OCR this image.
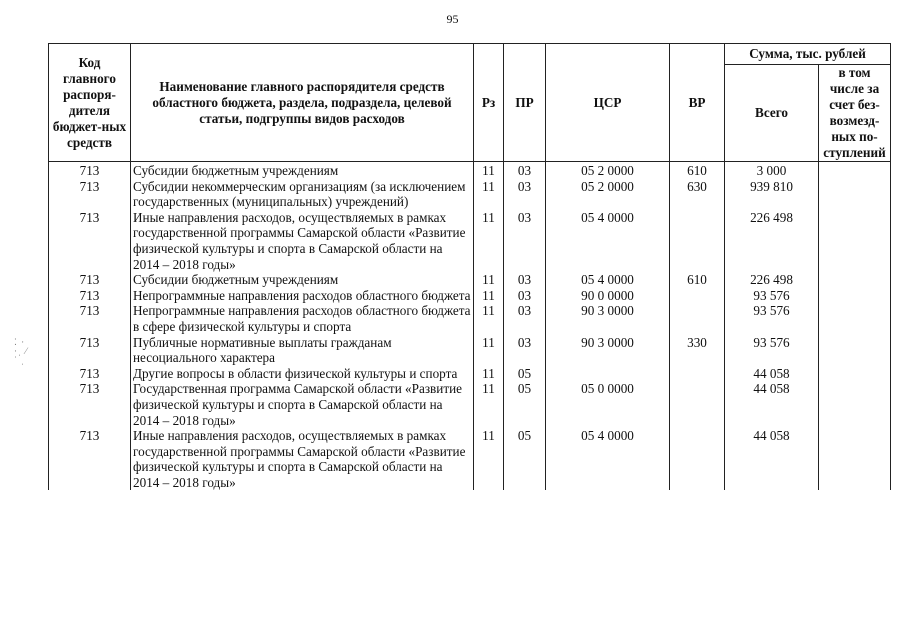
95
⁚ ·
·ˌ ⁄
˙ ˌ
Код главного распоря-дителя бюджет-ных средств	Наименование главного распорядителя средств областного бюджета, раздела, подраздела, целевой статьи, подгруппы видов расходов	Рз	ПР	ЦСР	ВР	Сумма, тыс. рублей	
						Всего	в том числе за счет без-возмезд-ных по-ступлений
713	Субсидии бюджетным учреждениям	11	03	05 2 0000	610	3 000	
713	Субсидии некоммерческим организациям (за исключением государственных (муниципальных) учреждений)	11	03	05 2 0000	630	939 810	
713	Иные направления расходов, осуществляемых в рамках государственной программы Самарской области «Развитие физической культуры и спорта в Самарской области на 2014 – 2018 годы»	11	03	05 4 0000		226 498	
713	Субсидии бюджетным учреждениям	11	03	05 4 0000	610	226 498	
713	Непрограммные направления расходов областного бюджета	11	03	90 0 0000		93 576	
713	Непрограммные направления расходов областного бюджета в сфере физической культуры и спорта	11	03	90 3 0000		93 576	
713	Публичные нормативные выплаты гражданам несоциального характера	11	03	90 3 0000	330	93 576	
713	Другие вопросы в области физической культуры и спорта	11	05			44 058	
713	Государственная программа Самарской области «Развитие физической культуры и спорта в Самарской области на 2014 – 2018 годы»	11	05	05 0 0000		44 058	
713	Иные направления расходов, осуществляемых в рамках государственной программы Самарской области «Развитие физической культуры и спорта в Самарской области на 2014 – 2018 годы»	11	05	05 4 0000		44 058	
